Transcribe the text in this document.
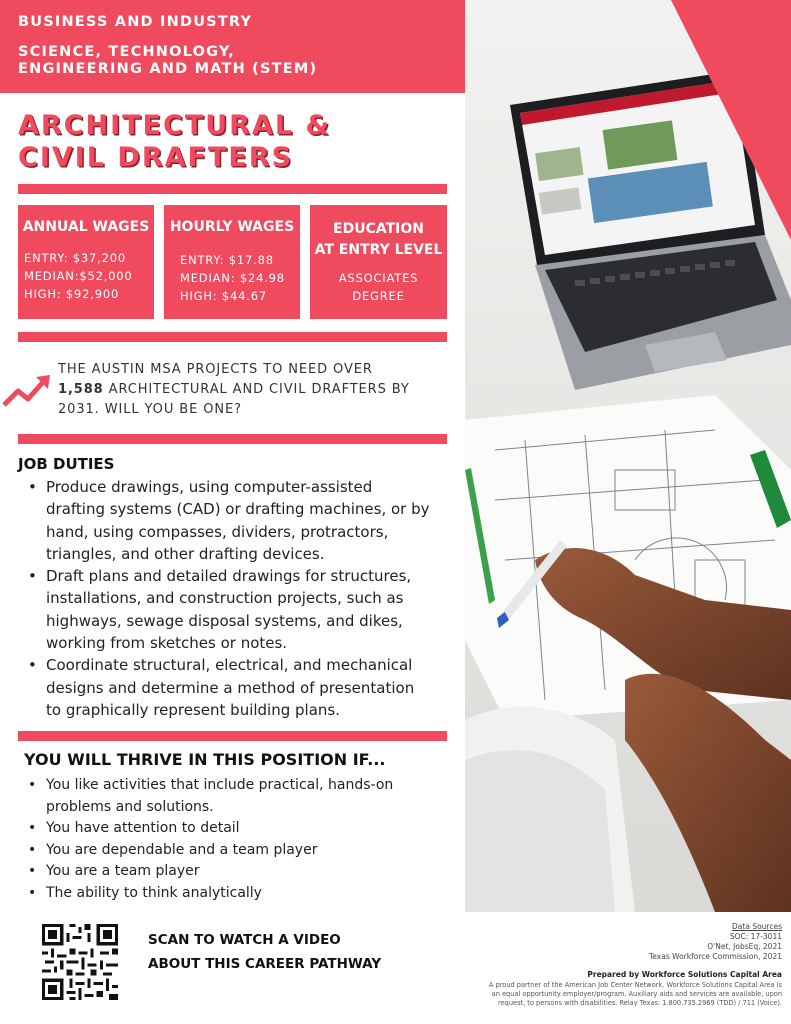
BUSINESS AND INDUSTRY
SCIENCE, TECHNOLOGY,
ENGINEERING AND MATH (STEM)
ARCHITECTURAL &
CIVIL DRAFTERS
ANNUAL WAGES
ENTRY: $37,200
MEDIAN:$52,000
HIGH: $92,900
HOURLY WAGES
ENTRY: $17.88
MEDIAN: $24.98
HIGH: $44.67
EDUCATION
AT ENTRY LEVEL
ASSOCIATES
DEGREE
THE AUSTIN MSA PROJECTS TO NEED OVER
1,588 ARCHITECTURAL AND CIVIL DRAFTERS BY
2031. WILL YOU BE ONE?
JOB DUTIES
• Produce drawings, using computer-assisted drafting systems (CAD) or drafting machines, or by hand, using compasses, dividers, protractors, triangles, and other drafting devices.
• Draft plans and detailed drawings for structures, installations, and construction projects, such as highways, sewage disposal systems, and dikes, working from sketches or notes.
• Coordinate structural, electrical, and mechanical designs and determine a method of presentation to graphically represent building plans.
YOU WILL THRIVE IN THIS POSITION IF...
• You like activities that include practical, hands-on problems and solutions.
• You have attention to detail
• You are dependable and a team player
• You are a team player
• The ability to think analytically
SCAN TO WATCH A VIDEO
ABOUT THIS CAREER PATHWAY
Data Sources
SOC: 17-3011
O'Net, JobsEq, 2021
Texas Workforce Commission, 2021
Prepared by Workforce Solutions Capital Area
A proud partner of the American Job Center Network. Workforce Solutions Capital Area is
an equal opportunity employer/program. Auxiliary aids and services are available, upon
request, to persons with disabilities. Relay Texas: 1.800.735.2969 (TDD) / 711 (Voice).
